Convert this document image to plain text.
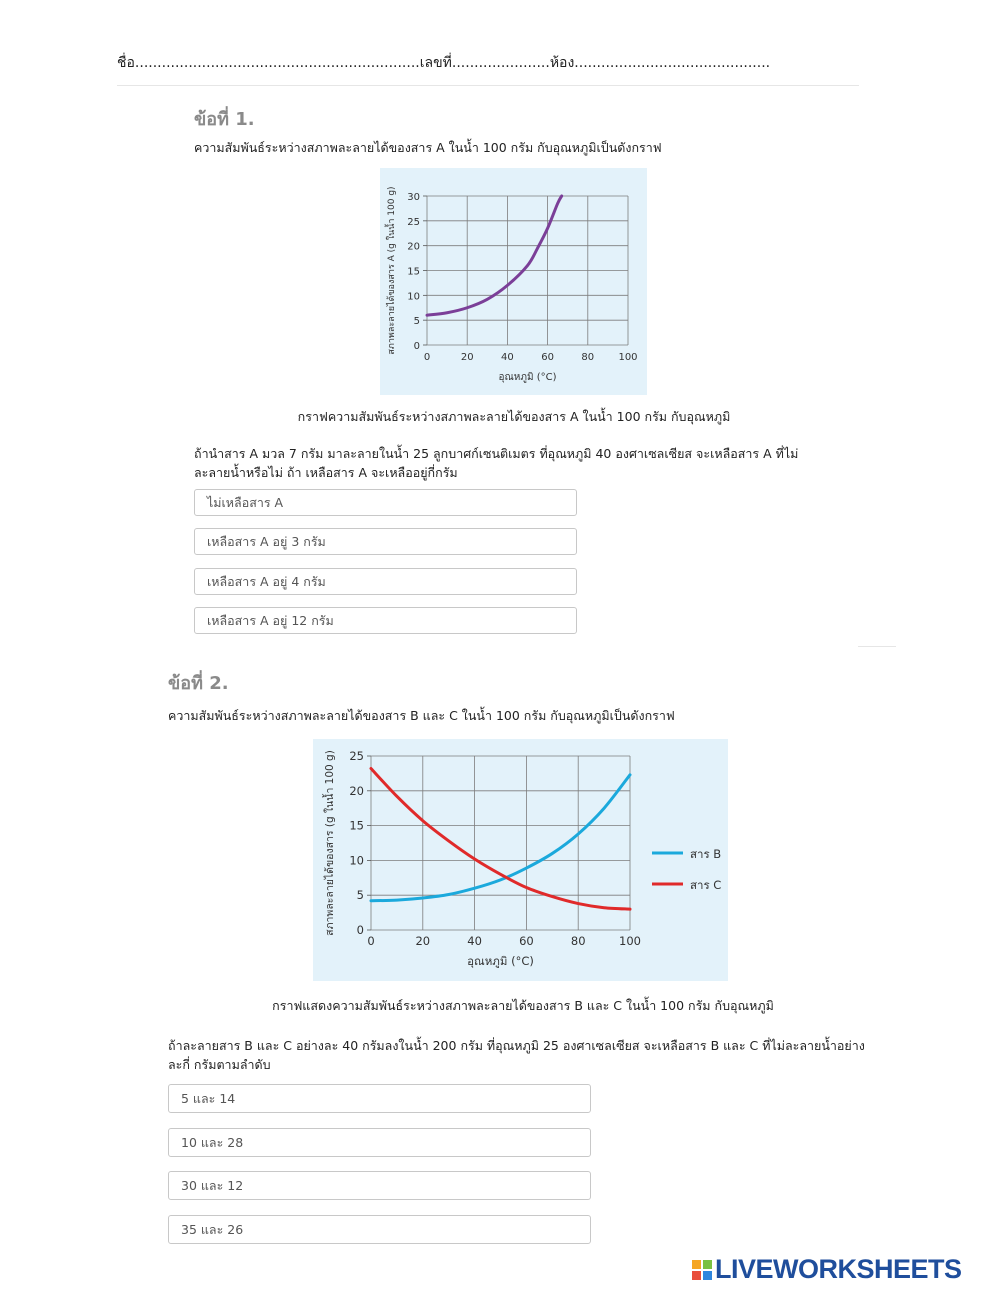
ชื่อ................................................................เลขที่......................ห้อง............................................
ข้อที่ 1.
ความสัมพันธ์ระหว่างสภาพละลายได้ของสาร A ในน้ำ 100 กรัม กับอุณหภูมิเป็นดังกราฟ
0	20	40	60	80 100
0
5
10
15
20
25
30
อุณหภูมิ (°C)
สภาพละลายได้ของสาร A (g ในน้ำ 100 g)
กราฟความสัมพันธ์ระหว่างสภาพละลายได้ของสาร A ในน้ำ 100 กรัม กับอุณหภูมิ
ถ้านำสาร A มวล 7 กรัม มาละลายในน้ำ 25 ลูกบาศก์เซนติเมตร ที่อุณหภูมิ 40 องศาเซลเซียส จะเหลือสาร A ที่ไม่ละลายน้ำหรือไม่ ถ้า เหลือสาร A จะเหลืออยู่กี่กรัม
ไม่เหลือสาร A
เหลือสาร A อยู่ 3 กรัม
เหลือสาร A อยู่ 4 กรัม
เหลือสาร A อยู่ 12 กรัม
ข้อที่ 2.
ความสัมพันธ์ระหว่างสภาพละลายได้ของสาร B และ C ในน้ำ 100 กรัม กับอุณหภูมิเป็นดังกราฟ
0	20	40	60	80	100
0
5
10
15
20
25
อุณหภูมิ (°C)
สภาพละลายได้ของสาร (g ในน้ำ 100 g)	สาร B
สาร C
กราฟแสดงความสัมพันธ์ระหว่างสภาพละลายได้ของสาร B และ C ในน้ำ 100 กรัม กับอุณหภูมิ
ถ้าละลายสาร B และ C อย่างละ 40 กรัมลงในน้ำ 200 กรัม ที่อุณหภูมิ 25 องศาเซลเซียส จะเหลือสาร B และ C ที่ไม่ละลายน้ำอย่างละกี่ กรัมตามลำดับ
5 และ 14
10 และ 28
30 และ 12
35 และ 26
LIVEWORKSHEETS
